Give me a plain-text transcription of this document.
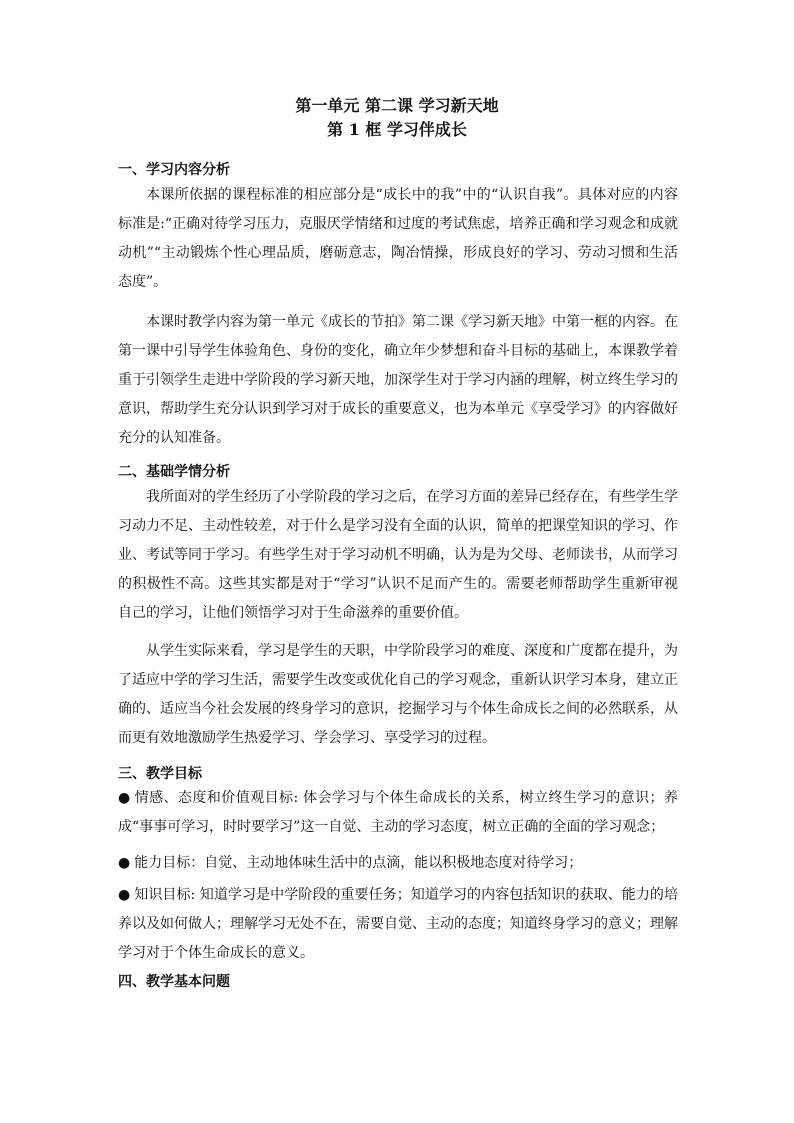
第一单元 第二课 学习新天地
第 1 框 学习伴成长
一、学习内容分析
本课所依据的课程标准的相应部分是“成长中的我”中的“认识自我”。具体对应的内容标准是:“正确对待学习压力，克服厌学情绪和过度的考试焦虑，培养正确和学习观念和成就动机”“主动锻炼个性心理品质，磨砺意志，陶冶情操，形成良好的学习、劳动习惯和生活态度”。
本课时教学内容为第一单元《成长的节拍》第二课《学习新天地》中第一框的内容。在第一课中引导学生体验角色、身份的变化，确立年少梦想和奋斗目标的基础上，本课教学着重于引领学生走进中学阶段的学习新天地，加深学生对于学习内涵的理解，树立终生学习的意识，帮助学生充分认识到学习对于成长的重要意义，也为本单元《享受学习》的内容做好充分的认知准备。
二、基础学情分析
我所面对的学生经历了小学阶段的学习之后，在学习方面的差异已经存在，有些学生学习动力不足、主动性较差，对于什么是学习没有全面的认识，简单的把课堂知识的学习、作业、考试等同于学习。有些学生对于学习动机不明确，认为是为父母、老师读书，从而学习的积极性不高。这些其实都是对于“学习”认识不足而产生的。需要老师帮助学生重新审视自己的学习，让他们领悟学习对于生命滋养的重要价值。
从学生实际来看，学习是学生的天职，中学阶段学习的难度、深度和广度都在提升，为了适应中学的学习生活，需要学生改变或优化自己的学习观念，重新认识学习本身，建立正确的、适应当今社会发展的终身学习的意识，挖掘学习与个体生命成长之间的必然联系，从而更有效地激励学生热爱学习、学会学习、享受学习的过程。
三、教学目标
● 情感、态度和价值观目标: 体会学习与个体生命成长的关系，树立终生学习的意识；养成“事事可学习，时时要学习”这一自觉、主动的学习态度，树立正确的全面的学习观念；
● 能力目标：自觉、主动地体味生活中的点滴，能以积极地态度对待学习；
● 知识目标: 知道学习是中学阶段的重要任务；知道学习的内容包括知识的获取、能力的培养以及如何做人；理解学习无处不在，需要自觉、主动的态度；知道终身学习的意义；理解学习对于个体生命成长的意义。
四、教学基本问题
